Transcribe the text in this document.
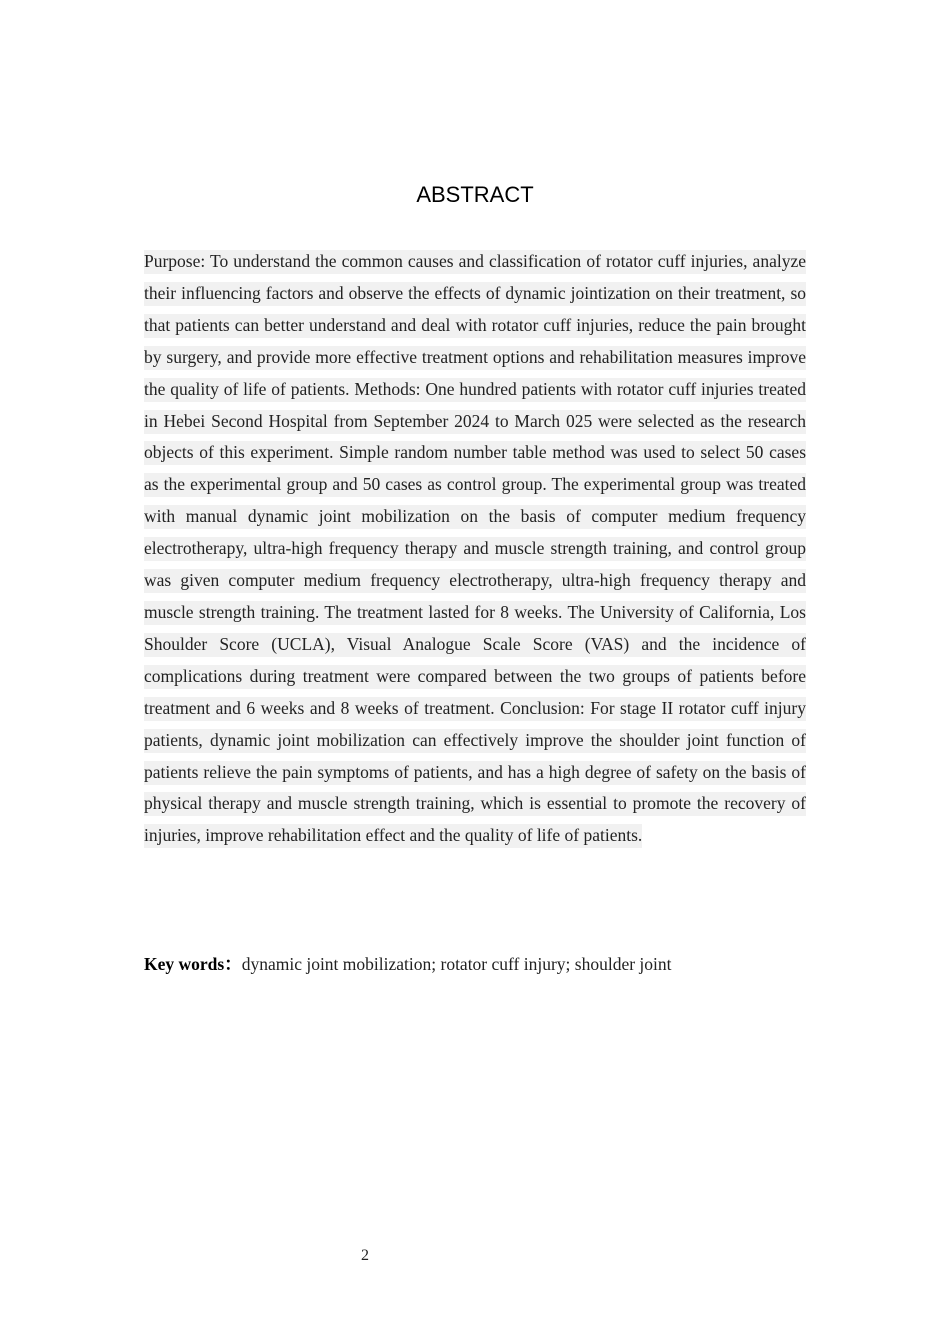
ABSTRACT

Purpose: To understand the common causes and classification of rotator cuff injuries, analyze their influencing factors and observe the effects of dynamic jointization on their treatment, so that patients can better understand and deal with rotator cuff injuries, reduce the pain brought by surgery, and provide more effective treatment options and rehabilitation measures improve the quality of life of patients. Methods: One hundred patients with rotator cuff injuries treated in Hebei Second Hospital from September 2024 to March 025 were selected as the research objects of this experiment. Simple random number table method was used to select 50 cases as the experimental group and 50 cases as control group. The experimental group was treated with manual dynamic joint mobilization on the basis of computer medium frequency electrotherapy, ultra-high frequency therapy and muscle strength training, and control group was given computer medium frequency electrotherapy, ultra-high frequency therapy and muscle strength training. The treatment lasted for 8 weeks. The University of California, Los Shoulder Score (UCLA), Visual Analogue Scale Score (VAS) and the incidence of complications during treatment were compared between the two groups of patients before treatment and 6 weeks and 8 weeks of treatment. Conclusion: For stage II rotator cuff injury patients, dynamic joint mobilization can effectively improve the shoulder joint function of patients relieve the pain symptoms of patients, and has a high degree of safety on the basis of physical therapy and muscle strength training, which is essential to promote the recovery of injuries, improve rehabilitation effect and the quality of life of patients.

Key words：dynamic joint mobilization; rotator cuff injury; shoulder joint

2
